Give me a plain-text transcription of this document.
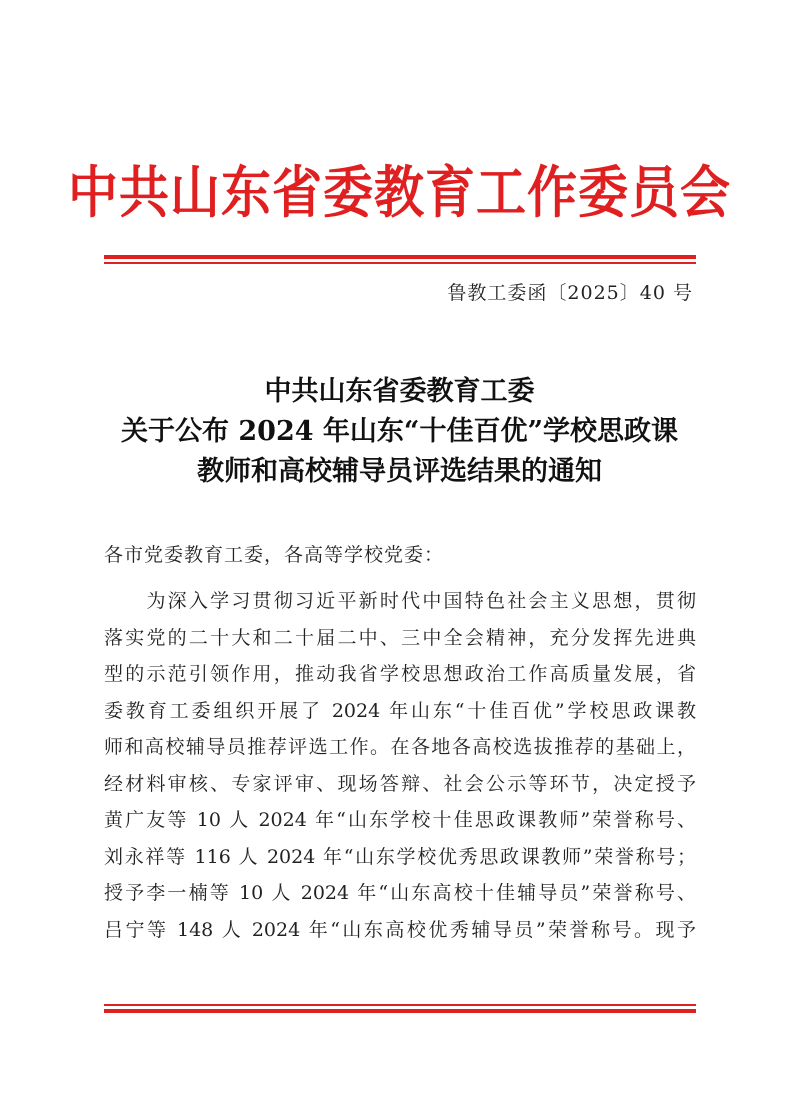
中共山东省委教育工作委员会
鲁教工委函〔2025〕40 号
中共山东省委教育工委
关于公布 2024 年山东“十佳百优”学校思政课
教师和高校辅导员评选结果的通知
各市党委教育工委，各高等学校党委：
　　为深入学习贯彻习近平新时代中国特色社会主义思想，贯彻
落实党的二十大和二十届二中、三中全会精神，充分发挥先进典
型的示范引领作用，推动我省学校思想政治工作高质量发展，省
委教育工委组织开展了 2024 年山东“十佳百优”学校思政课教
师和高校辅导员推荐评选工作。在各地各高校选拔推荐的基础上，
经材料审核、专家评审、现场答辩、社会公示等环节，决定授予
黄广友等 10 人 2024 年“山东学校十佳思政课教师”荣誉称号、
刘永祥等 116 人 2024 年“山东学校优秀思政课教师”荣誉称号；
授予李一楠等 10 人 2024 年“山东高校十佳辅导员”荣誉称号、
吕宁等 148 人 2024 年“山东高校优秀辅导员”荣誉称号。现予
